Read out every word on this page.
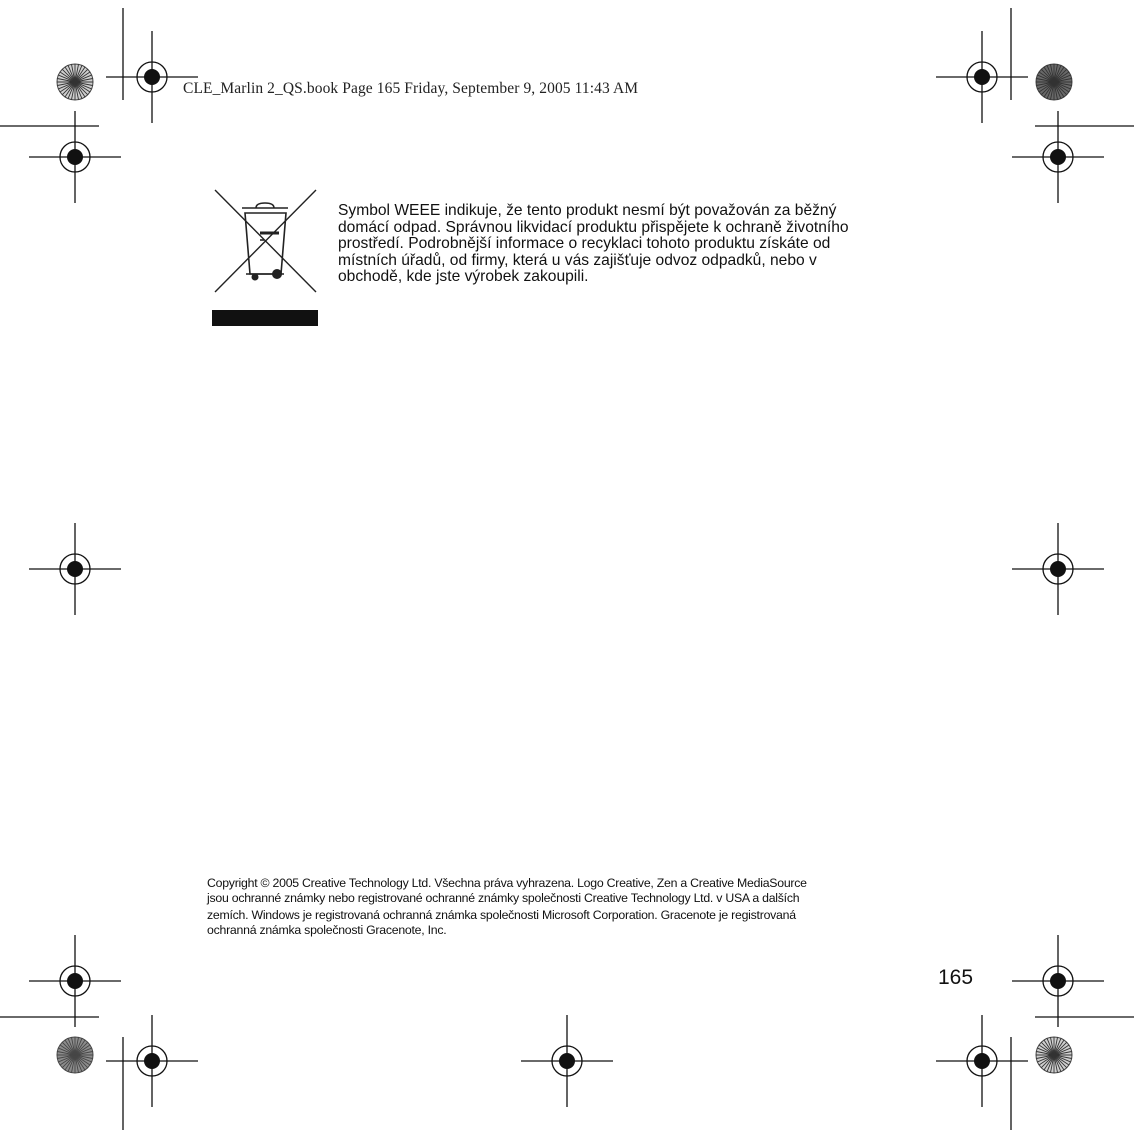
CLE_Marlin 2_QS.book Page 165 Friday, September 9, 2005 11:43 AM
Symbol WEEE indikuje, že tento produkt nesmí být považován za běžný
domácí odpad. Správnou likvidací produktu přispějete k ochraně životního
prostředí. Podrobnější informace o recyklaci tohoto produktu získáte od
místních úřadů, od firmy, která u vás zajišťuje odvoz odpadků, nebo v
obchodě, kde jste výrobek zakoupili.
Copyright © 2005 Creative Technology Ltd. Všechna práva vyhrazena. Logo Creative, Zen a Creative MediaSource
jsou ochranné známky nebo registrované ochranné známky společnosti Creative Technology Ltd. v USA a dalších
zemích. Windows je registrovaná ochranná známka společnosti Microsoft Corporation. Gracenote je registrovaná
ochranná známka společnosti Gracenote, Inc.
165
